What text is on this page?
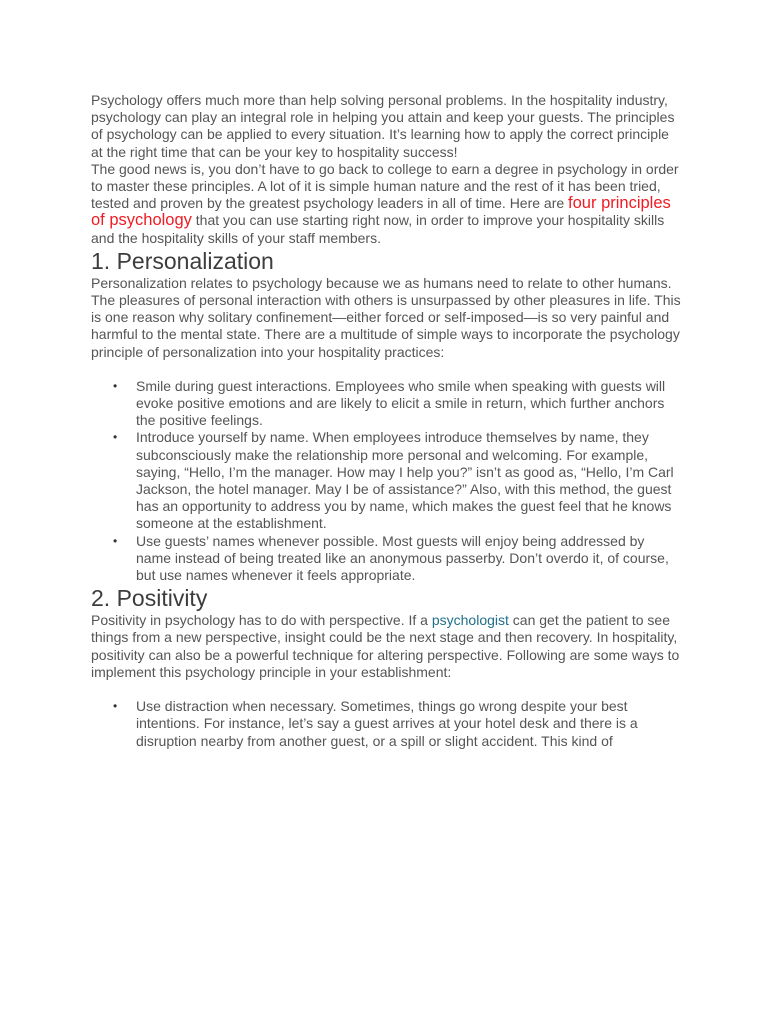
Psychology offers much more than help solving personal problems. In the hospitality industry, psychology can play an integral role in helping you attain and keep your guests. The principles of psychology can be applied to every situation. It’s learning how to apply the correct principle at the right time that can be your key to hospitality success!

The good news is, you don’t have to go back to college to earn a degree in psychology in order to master these principles. A lot of it is simple human nature and the rest of it has been tried, tested and proven by the greatest psychology leaders in all of time. Here are four principles of psychology that you can use starting right now, in order to improve your hospitality skills and the hospitality skills of your staff members.

1. Personalization

Personalization relates to psychology because we as humans need to relate to other humans. The pleasures of personal interaction with others is unsurpassed by other pleasures in life. This is one reason why solitary confinement—either forced or self-imposed—is so very painful and harmful to the mental state. There are a multitude of simple ways to incorporate the psychology principle of personalization into your hospitality practices:

• Smile during guest interactions. Employees who smile when speaking with guests will evoke positive emotions and are likely to elicit a smile in return, which further anchors the positive feelings.
• Introduce yourself by name. When employees introduce themselves by name, they subconsciously make the relationship more personal and welcoming. For example, saying, “Hello, I’m the manager. How may I help you?” isn’t as good as, “Hello, I’m Carl Jackson, the hotel manager. May I be of assistance?” Also, with this method, the guest has an opportunity to address you by name, which makes the guest feel that he knows someone at the establishment.
• Use guests’ names whenever possible. Most guests will enjoy being addressed by name instead of being treated like an anonymous passerby. Don’t overdo it, of course, but use names whenever it feels appropriate.
2. Positivity

Positivity in psychology has to do with perspective. If a psychologist can get the patient to see things from a new perspective, insight could be the next stage and then recovery. In hospitality, positivity can also be a powerful technique for altering perspective. Following are some ways to implement this psychology principle in your establishment:

• Use distraction when necessary. Sometimes, things go wrong despite your best intentions. For instance, let’s say a guest arrives at your hotel desk and there is a disruption nearby from another guest, or a spill or slight accident. This kind of
